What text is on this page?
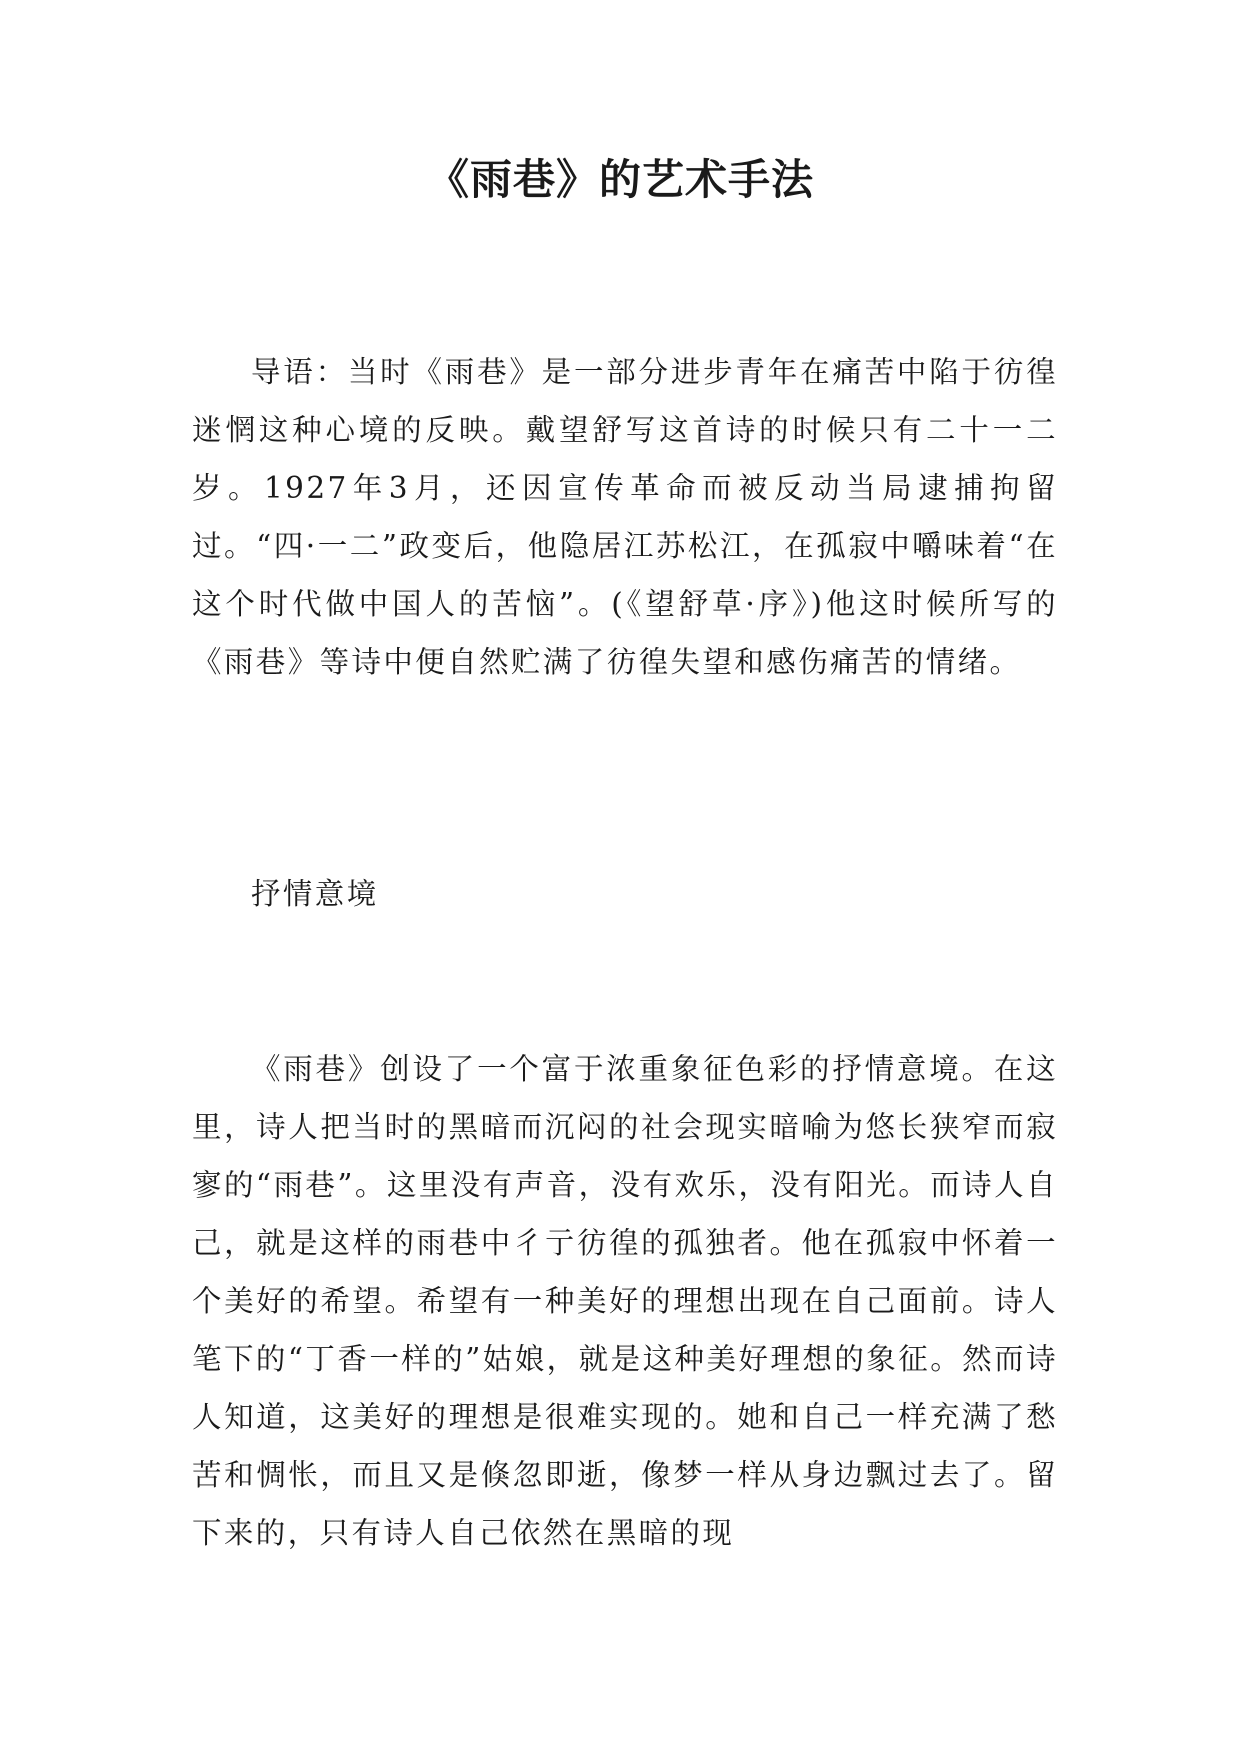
《雨巷》的艺术手法

导语：当时《雨巷》是一部分进步青年在痛苦中陷于彷徨迷惘这种心境的反映。戴望舒写这首诗的时候只有二十一二岁。1927年3月，还因宣传革命而被反动当局逮捕拘留过。“四·一二”政变后，他隐居江苏松江，在孤寂中嚼味着“在这个时代做中国人的苦恼”。(《望舒草·序》)他这时候所写的《雨巷》等诗中便自然贮满了彷徨失望和感伤痛苦的情绪。

抒情意境

《雨巷》创设了一个富于浓重象征色彩的抒情意境。在这里，诗人把当时的黑暗而沉闷的社会现实暗喻为悠长狭窄而寂寥的“雨巷”。这里没有声音，没有欢乐，没有阳光。而诗人自己，就是这样的雨巷中彳亍彷徨的孤独者。他在孤寂中怀着一个美好的希望。希望有一种美好的理想出现在自己面前。诗人笔下的“丁香一样的”姑娘，就是这种美好理想的象征。然而诗人知道，这美好的理想是很难实现的。她和自己一样充满了愁苦和惆怅，而且又是倏忽即逝，像梦一样从身边飘过去了。留下来的，只有诗人自己依然在黑暗的现
